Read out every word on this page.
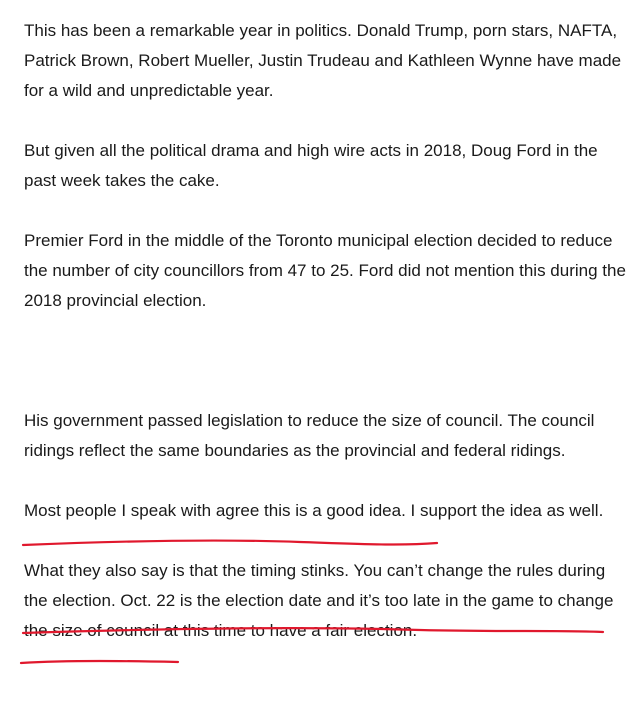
This has been a remarkable year in politics. Donald Trump, porn stars, NAFTA, Patrick Brown, Robert Mueller, Justin Trudeau and Kathleen Wynne have made for a wild and unpredictable year.

But given all the political drama and high wire acts in 2018, Doug Ford in the past week takes the cake.

Premier Ford in the middle of the Toronto municipal election decided to reduce the number of city councillors from 47 to 25. Ford did not mention this during the 2018 provincial election.

His government passed legislation to reduce the size of council. The council ridings reflect the same boundaries as the provincial and federal ridings.

Most people I speak with agree this is a good idea. I support the idea as well.

What they also say is that the timing stinks. You can’t change the rules during the election. Oct. 22 is the election date and it’s too late in the game to change the size of council at this time to have a fair election.
